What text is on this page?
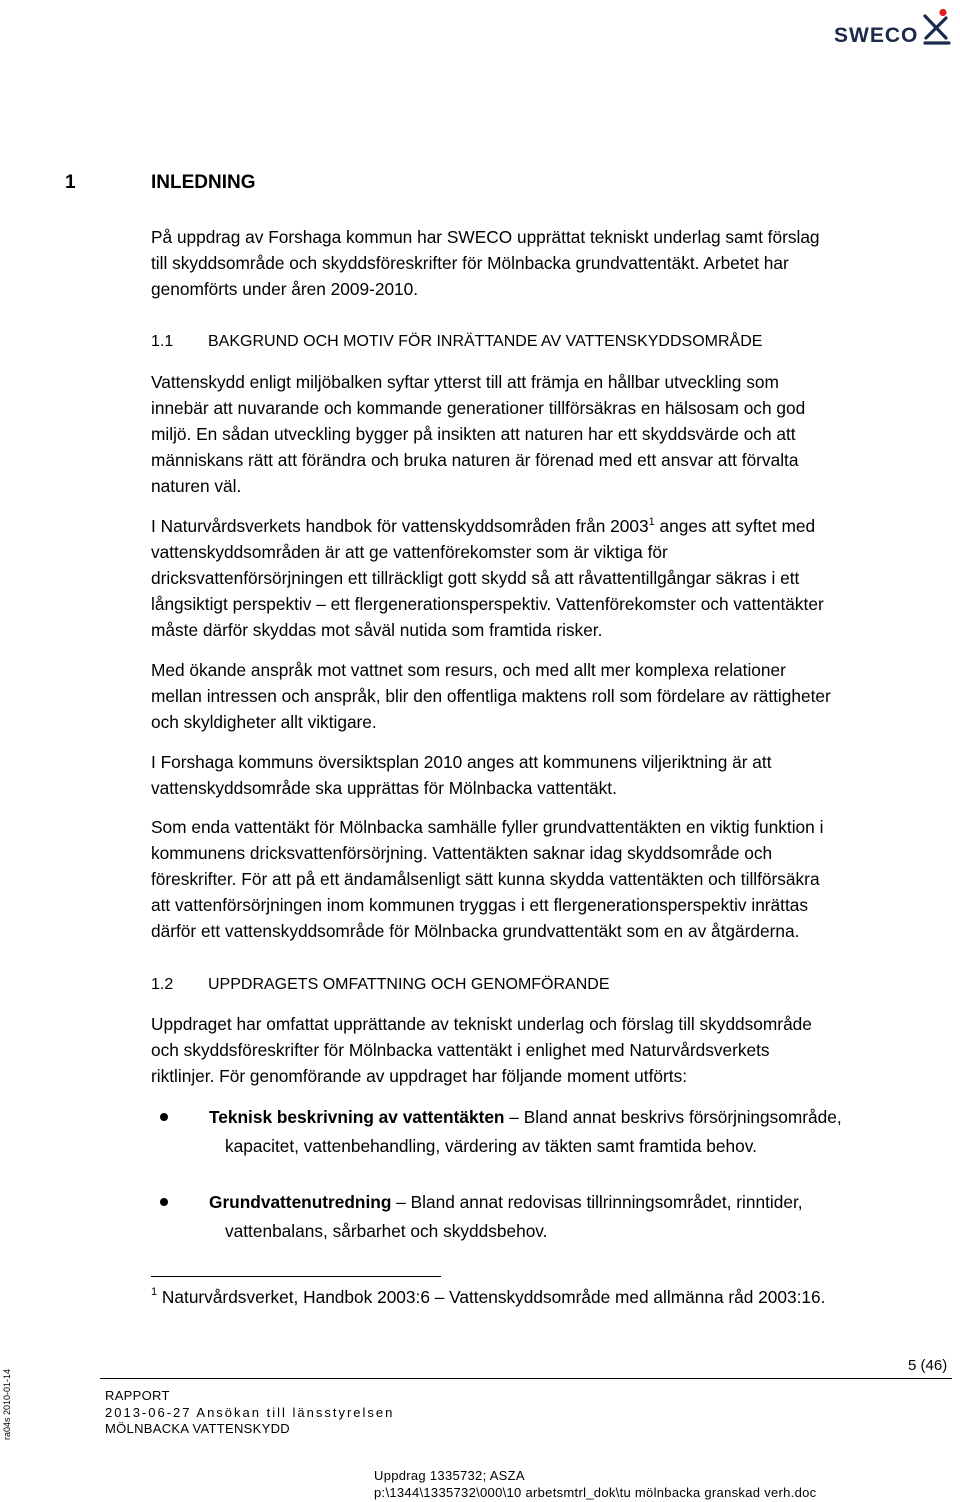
SWECO
1	INLEDNING

På uppdrag av Forshaga kommun har SWECO upprättat tekniskt underlag samt förslag
till skyddsområde och skyddsföreskrifter för Mölnbacka grundvattentäkt. Arbetet har
genomförts under åren 2009-2010.

1.1 BAKGRUND OCH MOTIV FÖR INRÄTTANDE AV VATTENSKYDDSOMRÅDE

Vattenskydd enligt miljöbalken syftar ytterst till att främja en hållbar utveckling som
innebär att nuvarande och kommande generationer tillförsäkras en hälsosam och god
miljö. En sådan utveckling bygger på insikten att naturen har ett skyddsvärde och att
människans rätt att förändra och bruka naturen är förenad med ett ansvar att förvalta
naturen väl.

I Naturvårdsverkets handbok för vattenskyddsområden från 2003$^1$ anges att syftet med
vattenskyddsområden är att ge vattenförekomster som är viktiga för
dricksvattenförsörjningen ett tillräckligt gott skydd så att råvattentillgångar säkras i ett
långsiktigt perspektiv – ett flergenerationsperspektiv. Vattenförekomster och vattentäkter
måste därför skyddas mot såväl nutida som framtida risker.

Med ökande anspråk mot vattnet som resurs, och med allt mer komplexa relationer
mellan intressen och anspråk, blir den offentliga maktens roll som fördelare av rättigheter
och skyldigheter allt viktigare.

I Forshaga kommuns översiktsplan 2010 anges att kommunens viljeriktning är att
vattenskyddsområde ska upprättas för Mölnbacka vattentäkt.

Som enda vattentäkt för Mölnbacka samhälle fyller grundvattentäkten en viktig funktion i
kommunens dricksvattenförsörjning. Vattentäkten saknar idag skyddsområde och
föreskrifter. För att på ett ändamålsenligt sätt kunna skydda vattentäkten och tillförsäkra
att vattenförsörjningen inom kommunen tryggas i ett flergenerationsperspektiv inrättas
därför ett vattenskyddsområde för Mölnbacka grundvattentäkt som en av åtgärderna.

1.2 UPPDRAGETS OMFATTNING OCH GENOMFÖRANDE

Uppdraget har omfattat upprättande av tekniskt underlag och förslag till skyddsområde
och skyddsföreskrifter för Mölnbacka vattentäkt i enlighet med Naturvårdsverkets
riktlinjer. För genomförande av uppdraget har följande moment utförts:

Teknisk beskrivning av vattentäkten – Bland annat beskrivs försörjningsområde,
kapacitet, vattenbehandling, värdering av täkten samt framtida behov.
Grundvattenutredning – Bland annat redovisas tillrinningsområdet, rinntider,
vattenbalans, sårbarhet och skyddsbehov.
$^1$ Naturvårdsverket, Handbok 2003:6 – Vattenskyddsområde med allmänna råd 2003:16.
ra04s 2010-01-14
5 (46)
RAPPORT
2013-06-27 Ansökan till länsstyrelsen
MÖLNBACKA VATTENSKYDD
Uppdrag 1335732; ASZA
p:\1344\1335732\000\10 arbetsmtrl_dok\tu mölnbacka granskad verh.doc
